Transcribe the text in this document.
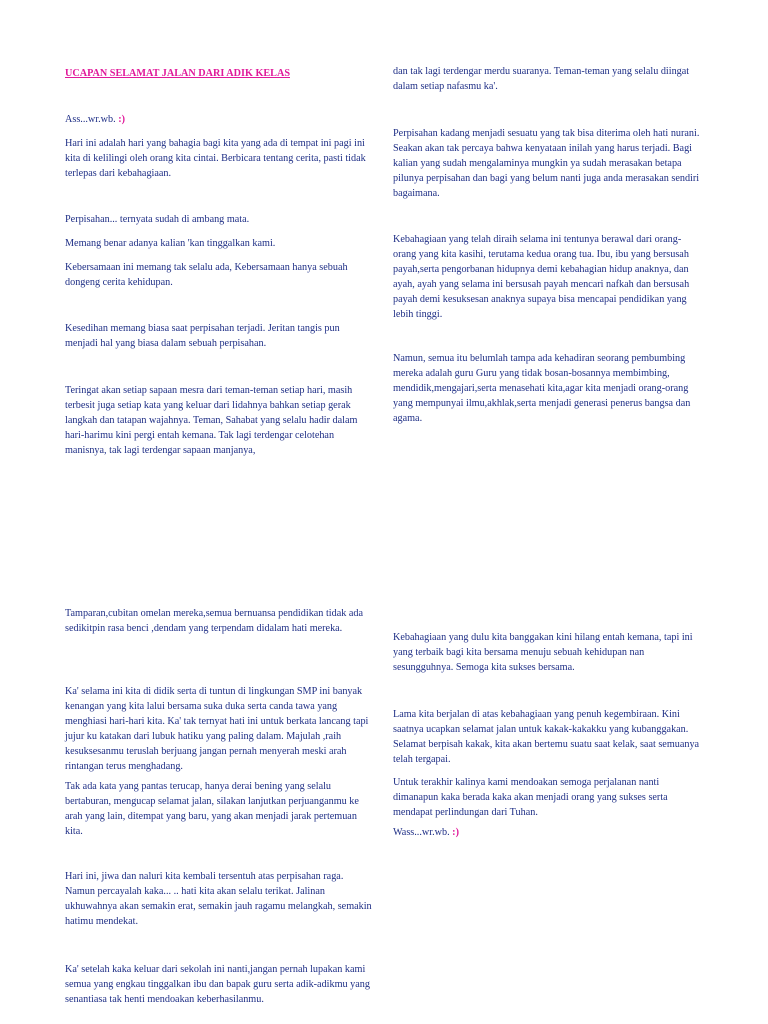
UCAPAN SELAMAT JALAN DARI ADIK KELAS

Ass...wr.wb. :)

Hari ini adalah hari yang bahagia bagi kita yang ada di tempat ini pagi ini kita di kelilingi oleh orang kita cintai. Berbicara tentang cerita, pasti tidak terlepas dari kebahagiaan.

Perpisahan... ternyata sudah di ambang mata.

Memang benar adanya kalian 'kan tinggalkan kami.

Kebersamaan ini memang tak selalu ada, Kebersamaan hanya sebuah dongeng cerita kehidupan.

Kesedihan memang biasa saat perpisahan terjadi. Jeritan tangis pun menjadi hal yang biasa dalam sebuah perpisahan.

Teringat akan setiap sapaan mesra dari teman-teman setiap hari, masih terbesit juga setiap kata yang keluar dari lidahnya bahkan setiap gerak langkah dan tatapan wajahnya. Teman, Sahabat yang selalu hadir dalam hari-harimu kini pergi entah kemana. Tak lagi terdengar celotehan manisnya, tak lagi terdengar sapaan manjanya,

Tamparan,cubitan omelan mereka,semua bernuansa pendidikan tidak ada sedikitpin rasa benci ,dendam yang terpendam didalam hati mereka.

Ka' selama ini kita di didik serta di tuntun di lingkungan SMP ini banyak kenangan yang kita lalui bersama suka duka serta canda tawa yang menghiasi hari-hari kita. Ka' tak ternyat hati ini untuk berkata lancang tapi jujur ku katakan dari lubuk hatiku yang paling dalam. Majulah ,raih kesuksesanmu teruslah berjuang jangan pernah menyerah meski arah rintangan terus menghadang.

Tak ada kata yang pantas terucap, hanya derai bening yang selalu bertaburan, mengucap selamat jalan, silakan lanjutkan perjuanganmu ke arah yang lain, ditempat yang baru, yang akan menjadi jarak pertemuan kita.

Hari ini, jiwa dan naluri kita kembali tersentuh atas perpisahan raga. Namun percayalah kaka... .. hati kita akan selalu terikat. Jalinan ukhuwahnya akan semakin erat, semakin jauh ragamu melangkah, semakin hatimu mendekat.

Ka' setelah kaka keluar dari sekolah ini nanti,jangan pernah lupakan kami semua yang engkau tinggalkan ibu dan bapak guru serta adik-adikmu yang senantiasa tak henti mendoakan keberhasilanmu.

dan tak lagi terdengar merdu suaranya. Teman-teman yang selalu diingat dalam setiap nafasmu ka'.

Perpisahan kadang menjadi sesuatu yang tak bisa diterima oleh hati nurani. Seakan akan tak percaya bahwa kenyataan inilah yang harus terjadi. Bagi kalian yang sudah mengalaminya mungkin ya sudah merasakan betapa pilunya perpisahan dan bagi yang belum nanti juga anda merasakan sendiri bagaimana.

Kebahagiaan yang telah diraih selama ini tentunya berawal dari orang-orang yang kita kasihi, terutama kedua orang tua. Ibu, ibu yang bersusah payah,serta pengorbanan hidupnya demi kebahagian hidup anaknya, dan ayah, ayah yang selama ini bersusah payah mencari nafkah dan bersusah payah demi kesuksesan anaknya supaya bisa mencapai pendidikan yang lebih tinggi.

Namun, semua itu belumlah tampa ada kehadiran seorang pembumbing mereka adalah guru Guru yang tidak bosan-bosannya membimbing, mendidik,mengajari,serta menasehati kita,agar kita menjadi orang-orang yang mempunyai ilmu,akhlak,serta menjadi generasi penerus bangsa dan agama.

Kebahagiaan yang dulu kita banggakan kini hilang entah kemana, tapi ini yang terbaik bagi kita bersama menuju sebuah kehidupan nan sesungguhnya. Semoga kita sukses bersama.

Lama kita berjalan di atas kebahagiaan yang penuh kegembiraan. Kini saatnya ucapkan selamat jalan untuk kakak-kakakku yang kubanggakan. Selamat berpisah kakak, kita akan bertemu suatu saat kelak, saat semuanya telah tergapai.

Untuk terakhir kalinya kami mendoakan semoga perjalanan nanti dimanapun kaka berada kaka akan menjadi orang yang sukses serta mendapat perlindungan dari Tuhan.

Wass...wr.wb. :)
